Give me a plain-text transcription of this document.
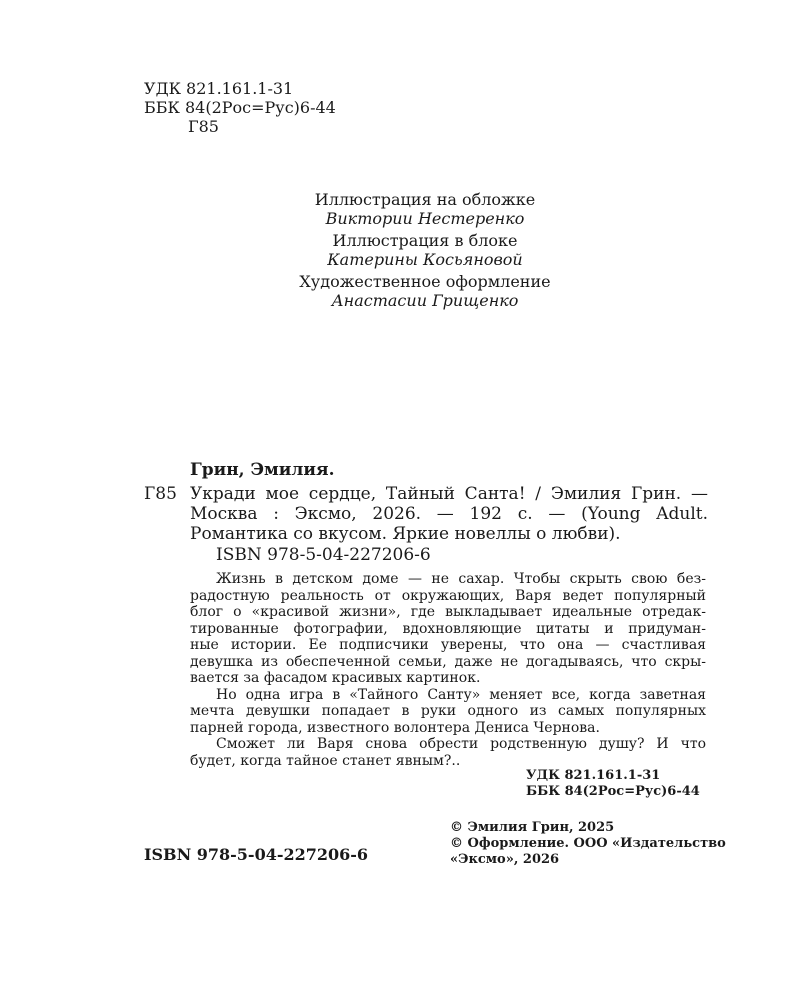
УДК 821.161.1-31
ББК 84(2Рос=Рус)6-44
Г85
Иллюстрация на обложке
Виктории Нестеренко
Иллюстрация в блоке
Катерины Косьяновой
Художественное оформление
Анастасии Грищенко
Грин, Эмилия.
Г85 Укради мое сердце, Тайный Санта! / Эмилия Грин. —
Москва : Эксмо, 2026. — 192 с. — (Young Adult.
Романтика со вкусом. Яркие новеллы о любви).
ISBN 978-5-04-227206-6
Жизнь в детском доме — не сахар. Чтобы скрыть свою без-
радостную реальность от окружающих, Варя ведет популярный
блог о «красивой жизни», где выкладывает идеальные отредак-
тированные фотографии, вдохновляющие цитаты и придуман-
ные истории. Ее подписчики уверены, что она — счастливая
девушка из обеспеченной семьи, даже не догадываясь, что скры-
вается за фасадом красивых картинок.
Но одна игра в «Тайного Санту» меняет все, когда заветная
мечта девушки попадает в руки одного из самых популярных
парней города, известного волонтера Дениса Чернова.
Сможет ли Варя снова обрести родственную душу? И что
будет, когда тайное станет явным?..
УДК 821.161.1-31
ББК 84(2Рос=Рус)6-44
ISBN 978-5-04-227206-6
© Эмилия Грин, 2025
© Оформление. ООО «Издательство
«Эксмо», 2026
